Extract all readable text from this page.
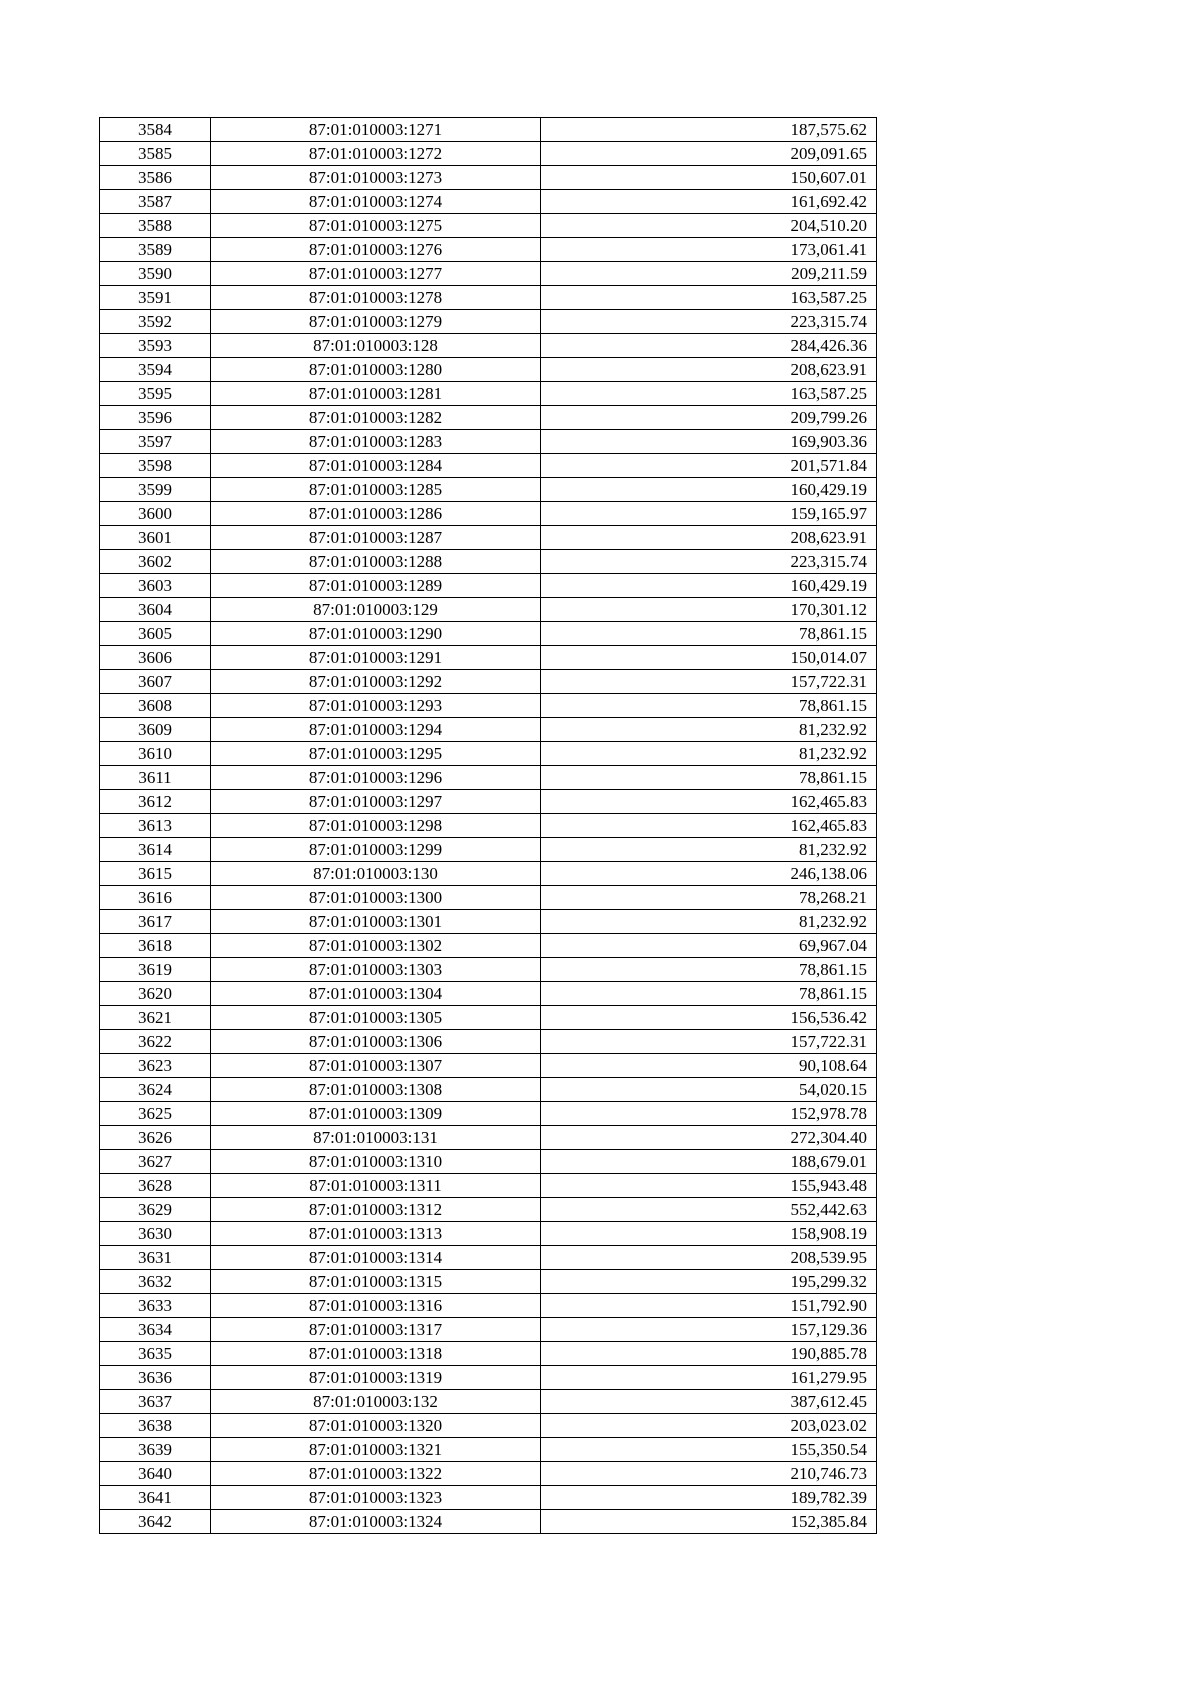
3584	87:01:010003:1271	187,575.62
3585	87:01:010003:1272	209,091.65
3586	87:01:010003:1273	150,607.01
3587	87:01:010003:1274	161,692.42
3588	87:01:010003:1275	204,510.20
3589	87:01:010003:1276	173,061.41
3590	87:01:010003:1277	209,211.59
3591	87:01:010003:1278	163,587.25
3592	87:01:010003:1279	223,315.74
3593	87:01:010003:128	284,426.36
3594	87:01:010003:1280	208,623.91
3595	87:01:010003:1281	163,587.25
3596	87:01:010003:1282	209,799.26
3597	87:01:010003:1283	169,903.36
3598	87:01:010003:1284	201,571.84
3599	87:01:010003:1285	160,429.19
3600	87:01:010003:1286	159,165.97
3601	87:01:010003:1287	208,623.91
3602	87:01:010003:1288	223,315.74
3603	87:01:010003:1289	160,429.19
3604	87:01:010003:129	170,301.12
3605	87:01:010003:1290	78,861.15
3606	87:01:010003:1291	150,014.07
3607	87:01:010003:1292	157,722.31
3608	87:01:010003:1293	78,861.15
3609	87:01:010003:1294	81,232.92
3610	87:01:010003:1295	81,232.92
3611	87:01:010003:1296	78,861.15
3612	87:01:010003:1297	162,465.83
3613	87:01:010003:1298	162,465.83
3614	87:01:010003:1299	81,232.92
3615	87:01:010003:130	246,138.06
3616	87:01:010003:1300	78,268.21
3617	87:01:010003:1301	81,232.92
3618	87:01:010003:1302	69,967.04
3619	87:01:010003:1303	78,861.15
3620	87:01:010003:1304	78,861.15
3621	87:01:010003:1305	156,536.42
3622	87:01:010003:1306	157,722.31
3623	87:01:010003:1307	90,108.64
3624	87:01:010003:1308	54,020.15
3625	87:01:010003:1309	152,978.78
3626	87:01:010003:131	272,304.40
3627	87:01:010003:1310	188,679.01
3628	87:01:010003:1311	155,943.48
3629	87:01:010003:1312	552,442.63
3630	87:01:010003:1313	158,908.19
3631	87:01:010003:1314	208,539.95
3632	87:01:010003:1315	195,299.32
3633	87:01:010003:1316	151,792.90
3634	87:01:010003:1317	157,129.36
3635	87:01:010003:1318	190,885.78
3636	87:01:010003:1319	161,279.95
3637	87:01:010003:132	387,612.45
3638	87:01:010003:1320	203,023.02
3639	87:01:010003:1321	155,350.54
3640	87:01:010003:1322	210,746.73
3641	87:01:010003:1323	189,782.39
3642	87:01:010003:1324	152,385.84
